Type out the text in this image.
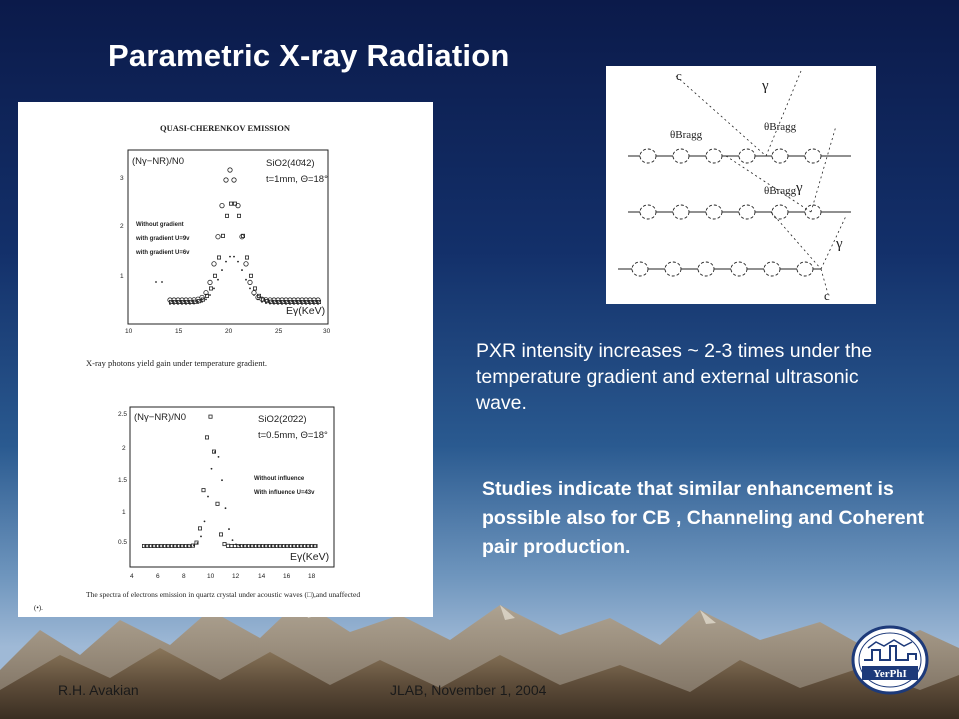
Parametric X-ray Radiation
QUASI-CHERENKOV EMISSION
(Nγ−NR)/N0	SiO2(40̄42)
t=1mm, Θ=18°
Without gradient
with gradient U=9v
with gradient U=6v
Eγ(KeV)
10	15	20	25	30
1
2
3
X-ray photons yield gain under temperature gradient.
(Nγ−NR)/N0	SiO2(20̄22)
t=0.5mm, Θ=18°
Without influence
With influence U=43v
Eγ(KeV)
4	6	8	10	12	14	16	18
0.5
1
1.5
2
2.5
The spectra of electrons emission in quartz crystal under acoustic waves (□),and unaffected
(•).
c
γ
θBragg
θBragg
θBragg γ
γ
c
PXR intensity increases ~ 2-3 times under the temperature gradient and external ultrasonic wave.
Studies indicate that similar enhancement is possible also for CB , Channeling and Coherent pair production.
R.H. Avakian	JLAB, November 1, 2004
YerPhI
